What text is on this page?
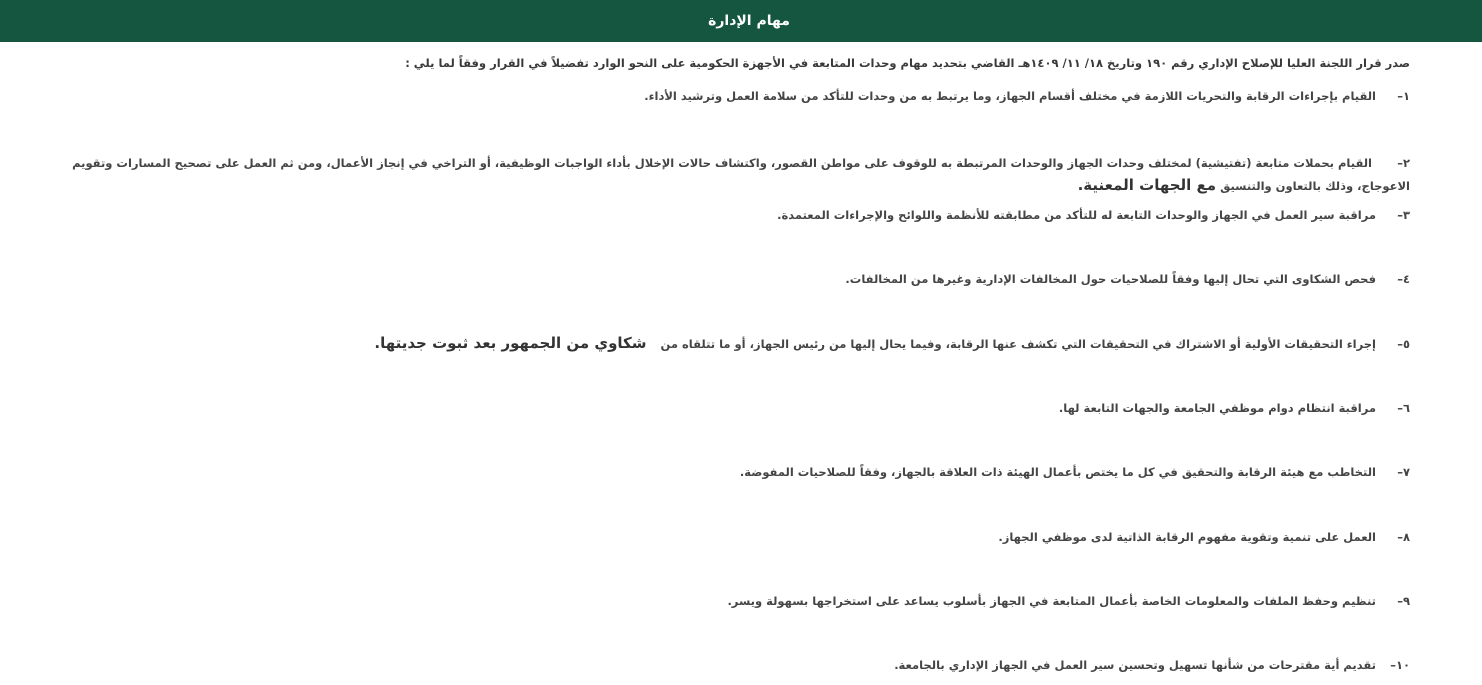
مهام الإدارة
صدر قرار اللجنة العليا للإصلاح الإداري رقم ١٩٠ وتاريخ ١٨/ ١١/ ١٤٠٩هـ القاضي بتحديد مهام وحدات المتابعة في الأجهزة الحكومية على النحو الوارد تفضيلاً في القرار وفقاً لما يلي :
١–
القيام بإجراءات الرقابة والتحريات اللازمة في مختلف أقسام الجهاز، وما يرتبط به من وحدات للتأكد من سلامة العمل وترشيد الأداء.
٢– القيام بحملات متابعة (تفتيشية) لمختلف وحدات الجهاز والوحدات المرتبطة به للوقوف على مواطن القصور، واكتشاف حالات الإخلال بأداء الواجبات الوظيفية، أو التراخي في إنجاز الأعمال، ومن ثم العمل على تصحيح المسارات وتقويم الاعوجاج، وذلك بالتعاون والتنسيق مع الجهات المعنية.
٣–
مراقبة سير العمل في الجهاز والوحدات التابعة له للتأكد من مطابقته للأنظمة واللوائح والإجراءات المعتمدة.
٤–
فحص الشكاوى التي تحال إليها وفقاً للصلاحيات حول المخالفات الإدارية وغيرها من المخالفات.
٥–
إجراء التحقيقات الأولية أو الاشتراك في التحقيقات التي تكشف عنها الرقابة، وفيما يحال إليها من رئيس الجهاز، أو ما تتلقاه من
شكاوي من الجمهور بعد ثبوت جديتها.
٦–
مراقبة انتظام دوام موظفي الجامعة والجهات التابعة لها.
٧–
التخاطب مع هيئة الرقابة والتحقيق في كل ما يختص بأعمال الهيئة ذات العلاقة بالجهاز، وفقاً للصلاحيات المفوضة.
٨–
العمل على تنمية وتقوية مفهوم الرقابة الذاتية لدى موظفي الجهاز.
٩–
تنظيم وحفظ الملفات والمعلومات الخاصة بأعمال المتابعة في الجهاز بأسلوب يساعد على استخراجها بسهولة ويسر.
١٠–
تقديم أية مقترحات من شأنها تسهيل وتحسين سير العمل في الجهاز الإداري بالجامعة.
